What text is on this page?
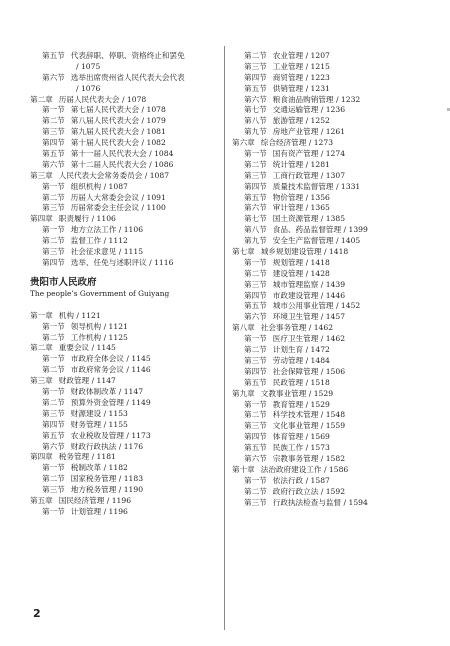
第五节 代表辞职、停职、资格终止和罢免
/ 1075
第六节 选举出席贵州省人民代表大会代表
/ 1076
第二章 历届人民代表大会 / 1078
第一节 第七届人民代表大会 / 1078
第二节 第八届人民代表大会 / 1079
第三节 第九届人民代表大会 / 1081
第四节 第十届人民代表大会 / 1082
第五节 第十一届人民代表大会 / 1084
第六节 第十二届人民代表大会 / 1086
第三章 人民代表大会常务委员会 / 1087
第一节 组织机构 / 1087
第二节 历届人大常委会会议 / 1091
第三节 历届常委会主任会议 / 1100
第四章 职责履行 / 1106
第一节 地方立法工作 / 1106
第二节 监督工作 / 1112
第三节 社会征求意见 / 1115
第四节 选举、任免与述职评议 / 1116
贵阳市人民政府
The people’s Government of Guiyang
第一章 机构 / 1121
第一节 领导机构 / 1121
第二节 工作机构 / 1125
第二章 重要会议 / 1145
第一节 市政府全体会议 / 1145
第二节 市政府常务会议 / 1146
第三章 财政管理 / 1147
第一节 财政体制改革 / 1147
第二节 预算外资金管理 / 1149
第三节 财源建设 / 1153
第四节 财务管理 / 1155
第五节 农业税收及管理 / 1173
第六节 财政行政执法 / 1176
第四章 税务管理 / 1181
第一节 税制改革 / 1182
第二节 国家税务管理 / 1183
第三节 地方税务管理 / 1190
第五章 国民经济管理 / 1196
第一节 计划管理 / 1196
第二节 农业管理 / 1207
第三节 工业管理 / 1215
第四节 商贸管理 / 1223
第五节 供销管理 / 1231
第六节 粮食油品购销管理 / 1232
第七节 交通运输管理 / 1236
第八节 旅游管理 / 1252
第九节 房地产业管理 / 1261
第六章 综合经济管理 / 1273
第一节 国有资产管理 / 1274
第二节 统计管理 / 1281
第三节 工商行政管理 / 1307
第四节 质量技术监督管理 / 1331
第五节 物价管理 / 1356
第六节 审计管理 / 1365
第七节 国土资源管理 / 1385
第八节 食品、药品监督管理 / 1399
第九节 安全生产监督管理 / 1405
第七章 城乡规划建设管理 / 1418
第一节 规划管理 / 1418
第二节 建设管理 / 1428
第三节 城市管理监察 / 1439
第四节 市政建设管理 / 1446
第五节 城市公用事业管理 / 1452
第六节 环境卫生管理 / 1457
第八章 社会事务管理 / 1462
第一节 医疗卫生管理 / 1462
第二节 计划生育 / 1472
第三节 劳动管理 / 1484
第四节 社会保障管理 / 1506
第五节 民政管理 / 1518
第九章 文教事业管理 / 1529
第一节 教育管理 / 1529
第二节 科学技术管理 / 1548
第三节 文化事业管理 / 1559
第四节 体育管理 / 1569
第五节 民族工作 / 1573
第六节 宗教事务管理 / 1582
第十章 法治政府建设工作 / 1586
第一节 依法行政 / 1587
第二节 政府行政立法 / 1592
第三节 行政执法检查与监督 / 1594
2
